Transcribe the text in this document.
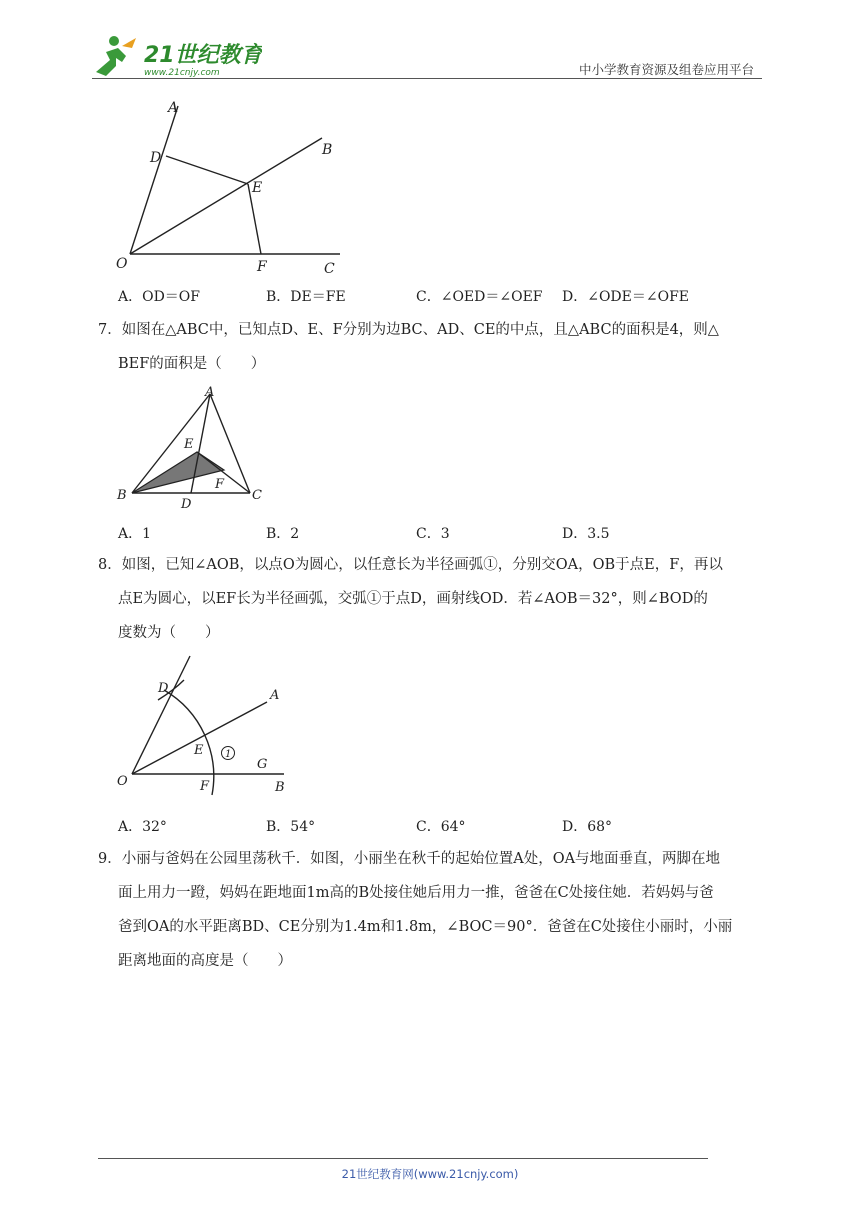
21世纪教育
www.21cnjy.com	中小学教育资源及组卷应用平台
A
B
C
D
E
F
O
A．OD＝OF	B．DE＝FE	C．∠OED＝∠OEF D．∠ODE＝∠OFE

7．如图在△ABC中，已知点D、E、F分别为边BC、AD、CE的中点，且△ABC的面积是4，则△

BEF的面积是（　　）

A
B	C
D
E
F
A．1	B．2	C．3	D．3.5

8．如图，已知∠AOB，以点O为圆心，以任意长为半径画弧①，分别交OA，OB于点E，F，再以

点E为圆心，以EF长为半径画弧，交弧①于点D，画射线OD．若∠AOB＝32°，则∠BOD的

度数为（　　）

A
B
G
D
E
F
O
1
A．32°	B．54°	C．64°	D．68°

9．小丽与爸妈在公园里荡秋千．如图，小丽坐在秋千的起始位置A处，OA与地面垂直，两脚在地

面上用力一蹬，妈妈在距地面1m高的B处接住她后用力一推，爸爸在C处接住她．若妈妈与爸

爸到OA的水平距离BD、CE分别为1.4m和1.8m，∠BOC＝90°．爸爸在C处接住小丽时，小丽

距离地面的高度是（　　）

21世纪教育网(www.21cnjy.com)
